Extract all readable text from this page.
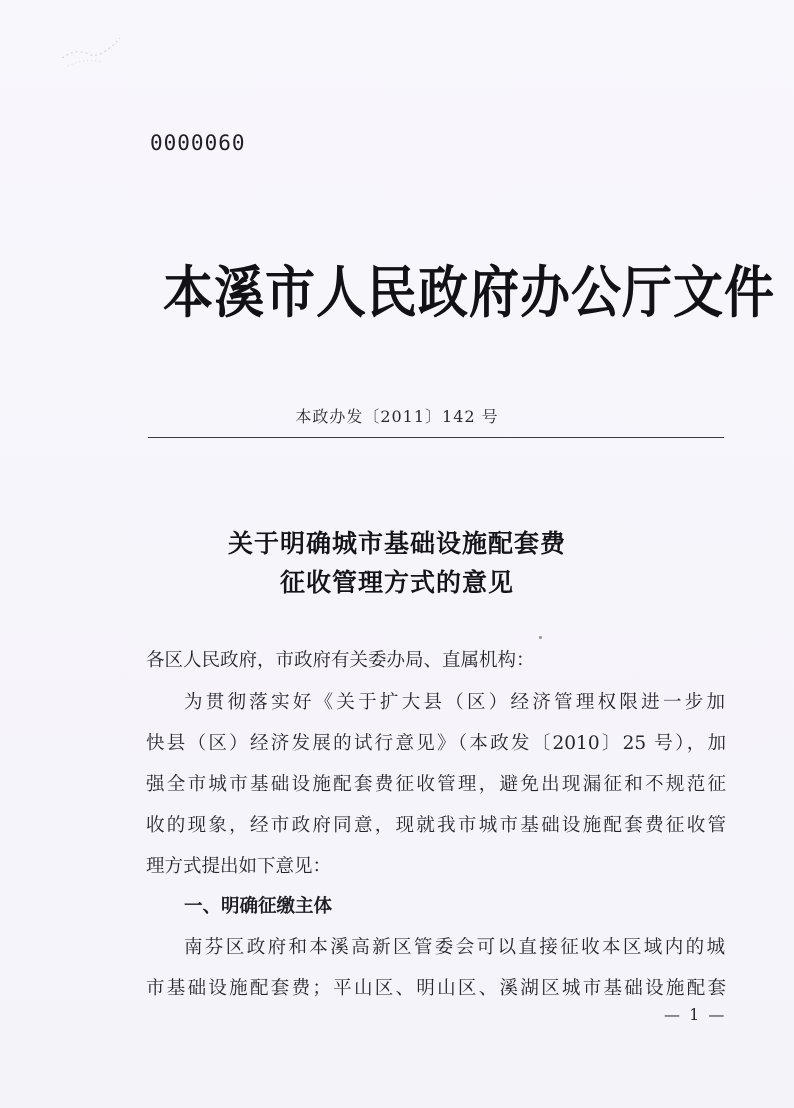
0000060
本溪市人民政府办公厅文件
本政办发〔2011〕142 号
关于明确城市基础设施配套费
征收管理方式的意见
各区人民政府，市政府有关委办局、直属机构：
为贯彻落实好《关于扩大县（区）经济管理权限进一步加
快县（区）经济发展的试行意见》（本政发〔2010〕25 号），加
强全市城市基础设施配套费征收管理，避免出现漏征和不规范征
收的现象，经市政府同意，现就我市城市基础设施配套费征收管
理方式提出如下意见：
一、明确征缴主体
南芬区政府和本溪高新区管委会可以直接征收本区域内的城
市基础设施配套费；平山区、明山区、溪湖区城市基础设施配套
— 1 —
